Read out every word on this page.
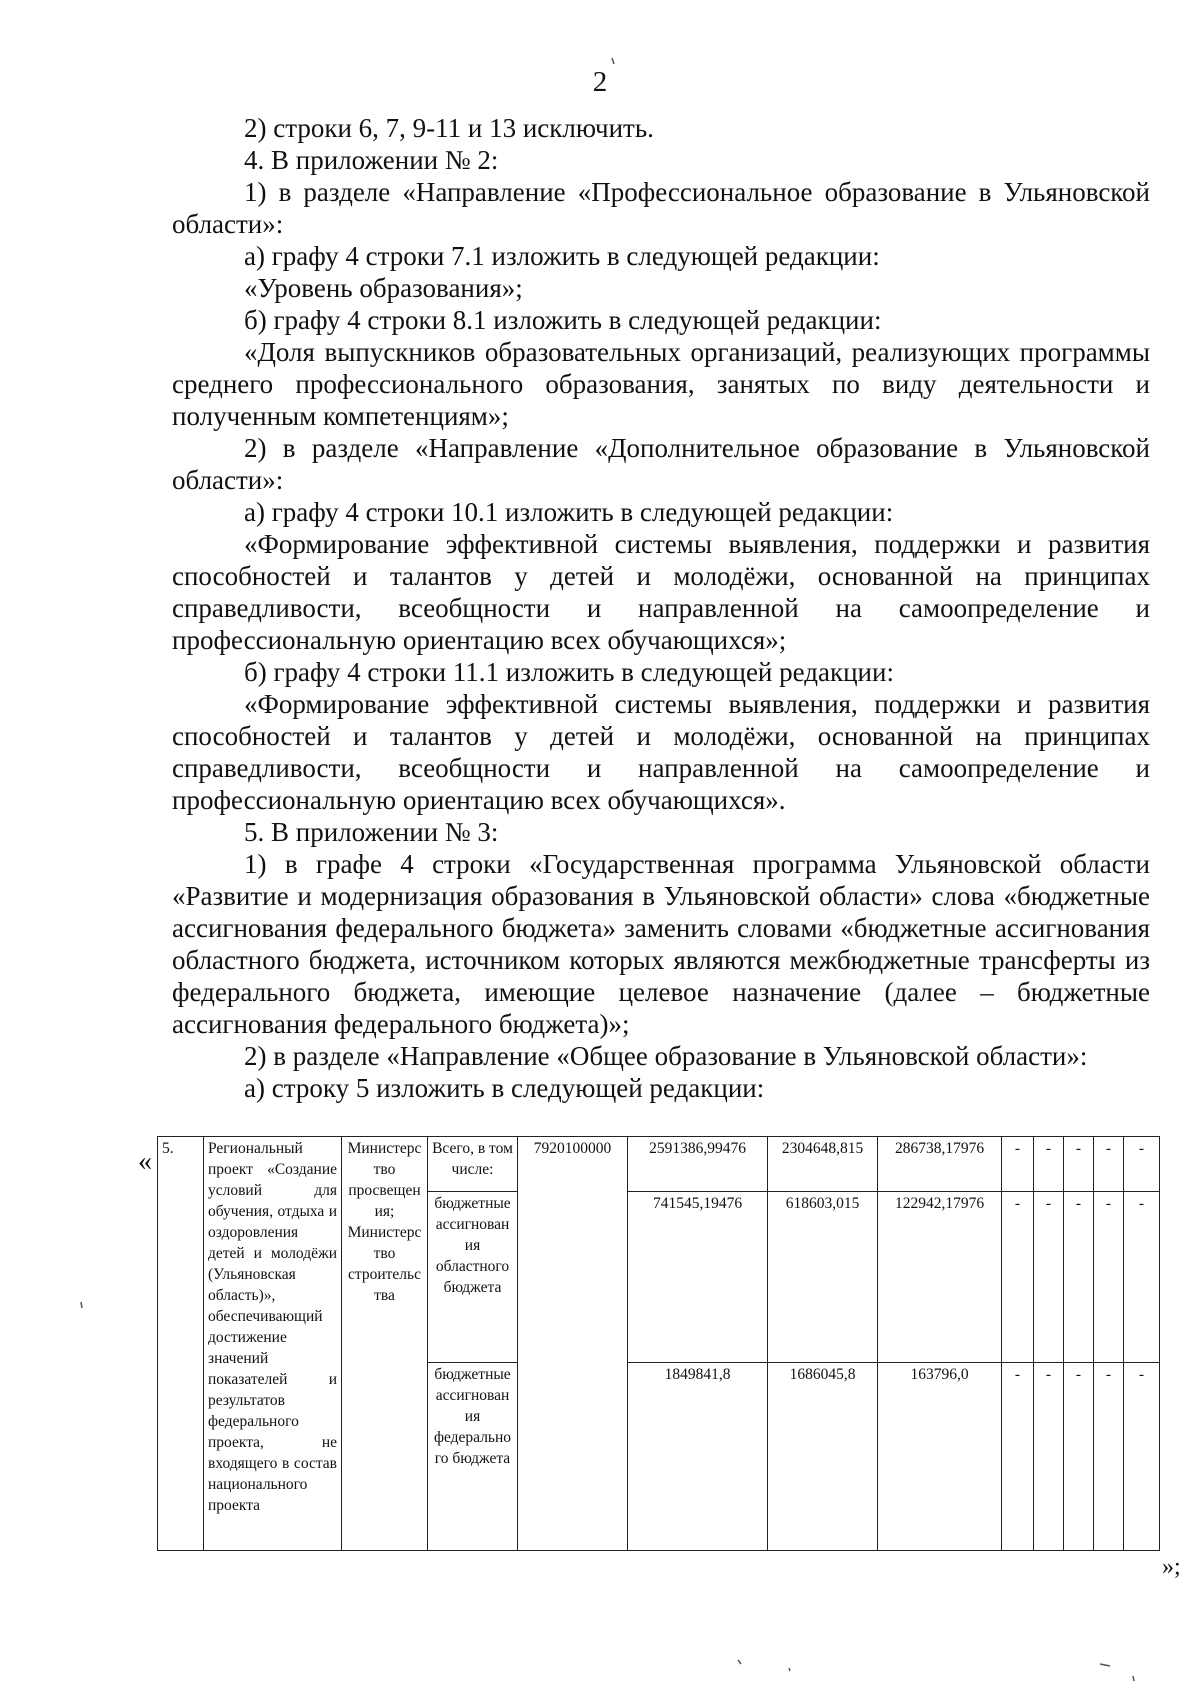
2

2) строки 6, 7, 9-11 и 13 исключить.

4. В приложении № 2:

1) в разделе «Направление «Профессиональное образование в Ульяновской области»:

а) графу 4 строки 7.1 изложить в следующей редакции:

«Уровень образования»;

б) графу 4 строки 8.1 изложить в следующей редакции:

«Доля выпускников образовательных организаций, реализующих программы среднего профессионального образования, занятых по виду деятельности и полученным компетенциям»;

2) в разделе «Направление «Дополнительное образование в Ульяновской области»:

а) графу 4 строки 10.1 изложить в следующей редакции:

«Формирование эффективной системы выявления, поддержки и развития способностей и талантов у детей и молодёжи, основанной на принципах справедливости, всеобщности и направленной на самоопределение и профессиональную ориентацию всех обучающихся»;

б) графу 4 строки 11.1 изложить в следующей редакции:

«Формирование эффективной системы выявления, поддержки и развития способностей и талантов у детей и молодёжи, основанной на принципах справедливости, всеобщности и направленной на самоопределение и профессиональную ориентацию всех обучающихся».

5. В приложении № 3:

1) в графе 4 строки «Государственная программа Ульяновской области «Развитие и модернизация образования в Ульяновской области» слова «бюджетные ассигнования федерального бюджета» заменить словами «бюджетные ассигнования областного бюджета, источником которых являются межбюджетные трансферты из федерального бюджета, имеющие целевое назначение (далее – бюджетные ассигнования федерального бюджета)»;

2) в разделе «Направление «Общее образование в Ульяновской области»:

а) строку 5 изложить в следующей редакции:

« 5.	Региональный проект «Создание условий для обучения, отдыха и оздоровления детей и молодёжи (Ульяновская область)», обеспечивающий достижение значений показателей и результатов федерального проекта, не входящего в состав национального проекта	Министерство просвещения; Министерство строительства	Всего, в том числе:	7920100000	2591386,99476	2304648,815	286738,17976	-	-	-	-	-
			бюджетные ассигнования областного бюджета		741545,19476	618603,015	122942,17976	-	-	-	-	-
			бюджетные ассигнования федерального бюджета		1849841,8	1686045,8	163796,0	-	-	-	-	-
»;
